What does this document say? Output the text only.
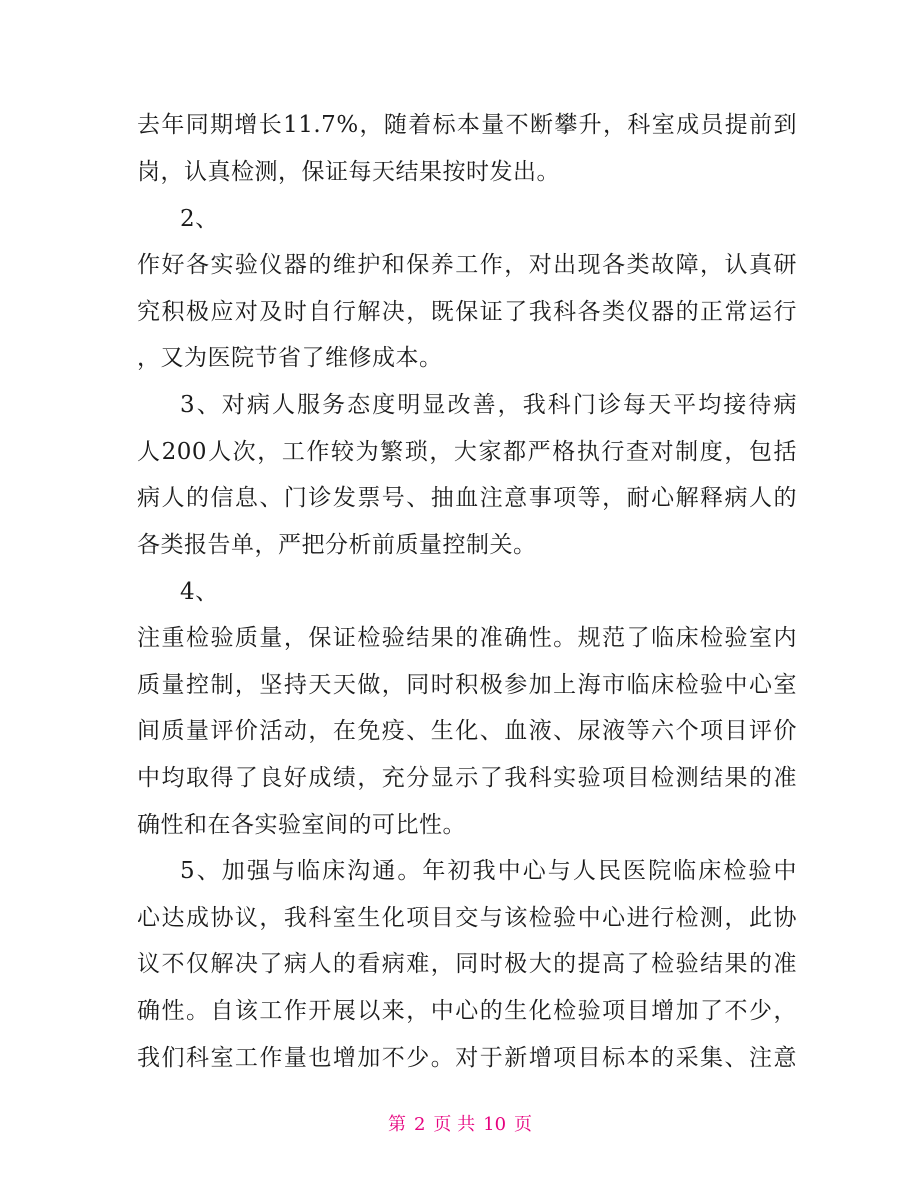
去年同期增长11.7%，随着标本量不断攀升，科室成员提前到
岗，认真检测，保证每天结果按时发出。
2、
作好各实验仪器的维护和保养工作，对出现各类故障，认真研
究积极应对及时自行解决，既保证了我科各类仪器的正常运行
，又为医院节省了维修成本。
3、对病人服务态度明显改善，我科门诊每天平均接待病
人200人次，工作较为繁琐，大家都严格执行查对制度，包括
病人的信息、门诊发票号、抽血注意事项等，耐心解释病人的
各类报告单，严把分析前质量控制关。
4、
注重检验质量，保证检验结果的准确性。规范了临床检验室内
质量控制，坚持天天做，同时积极参加上海市临床检验中心室
间质量评价活动，在免疫、生化、血液、尿液等六个项目评价
中均取得了良好成绩，充分显示了我科实验项目检测结果的准
确性和在各实验室间的可比性。
5、加强与临床沟通。年初我中心与人民医院临床检验中
心达成协议，我科室生化项目交与该检验中心进行检测，此协
议不仅解决了病人的看病难，同时极大的提高了检验结果的准
确性。自该工作开展以来，中心的生化检验项目增加了不少，
我们科室工作量也增加不少。对于新增项目标本的采集、注意
第 2 页 共 10 页
